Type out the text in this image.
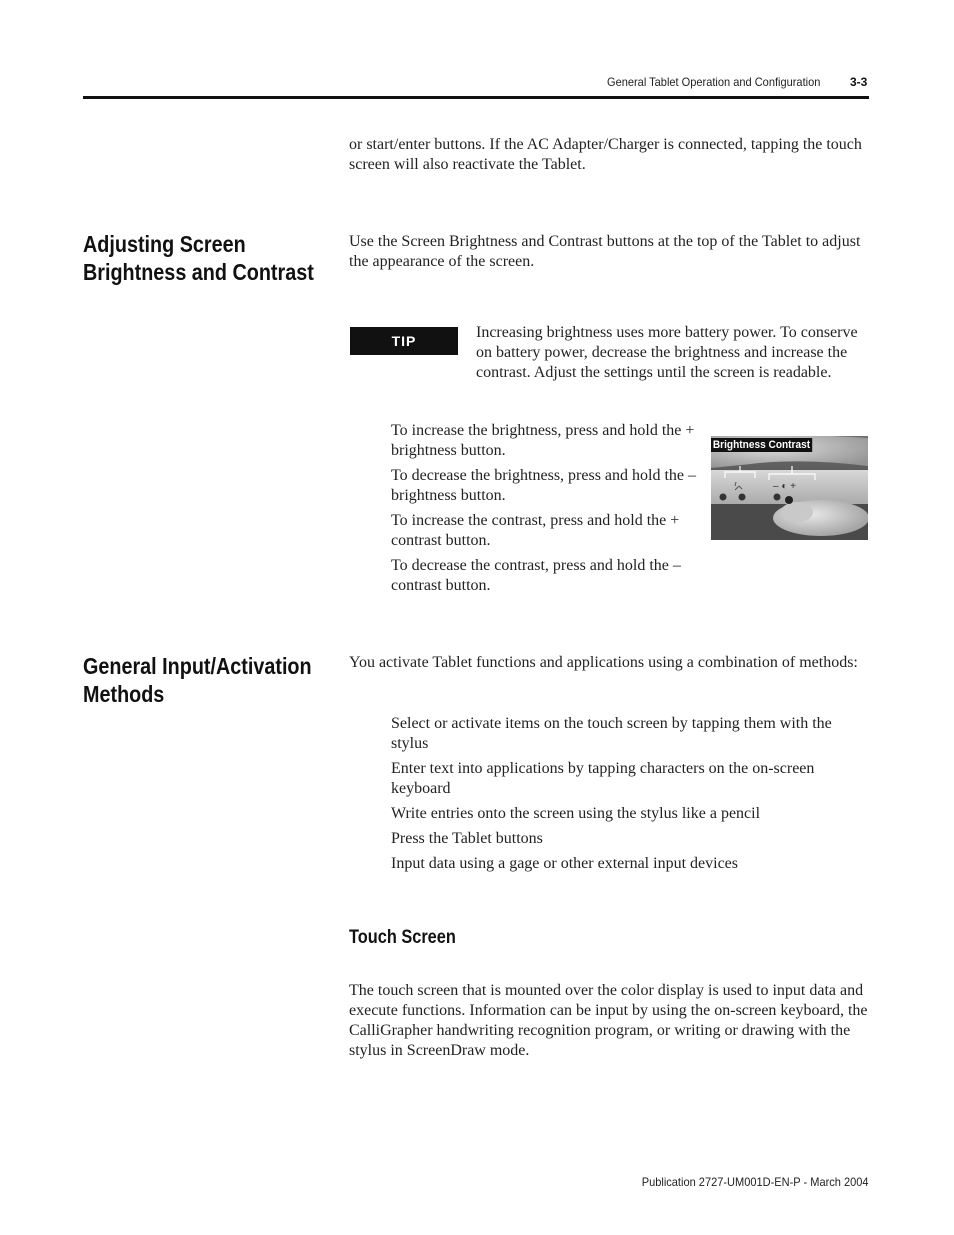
General Tablet Operation and Configuration 3-3
or start/enter buttons. If the AC Adapter/Charger is connected, tapping the touch screen will also reactivate the Tablet.
Adjusting Screen
Brightness and Contrast
Use the Screen Brightness and Contrast buttons at the top of the Tablet to adjust the appearance of the screen.
TIP	Increasing brightness uses more battery power. To conserve on battery power, decrease the brightness and increase the contrast. Adjust the settings until the screen is readable.
To increase the brightness, press and hold the + brightness button.
To decrease the brightness, press and hold the – brightness button.
To increase the contrast, press and hold the + contrast button.
To decrease the contrast, press and hold the – contrast button.
Brightness Contrast
– ◐ +
General Input/Activation
Methods
You activate Tablet functions and applications using a combination of methods:
Select or activate items on the touch screen by tapping them with the stylus
Enter text into applications by tapping characters on the on-screen keyboard
Write entries onto the screen using the stylus like a pencil
Press the Tablet buttons
Input data using a gage or other external input devices
Touch Screen
The touch screen that is mounted over the color display is used to input data and execute functions. Information can be input by using the on-screen keyboard, the CalliGrapher handwriting recognition program, or writing or drawing with the stylus in ScreenDraw mode.
Publication 2727-UM001D-EN-P - March 2004
